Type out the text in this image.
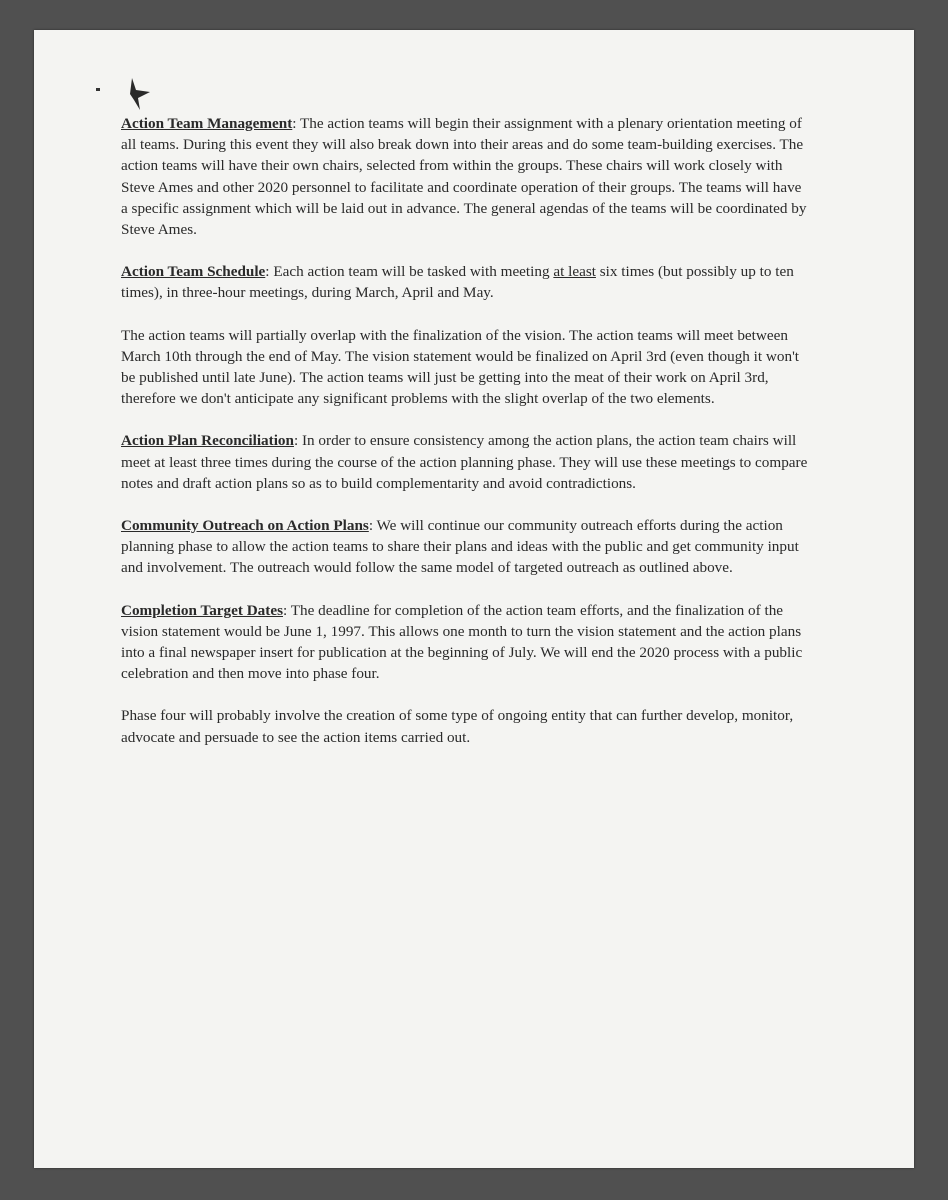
Action Team Management: The action teams will begin their assignment with a plenary orientation meeting of all teams. During this event they will also break down into their areas and do some team-building exercises. The action teams will have their own chairs, selected from within the groups. These chairs will work closely with Steve Ames and other 2020 personnel to facilitate and coordinate operation of their groups. The teams will have a specific assignment which will be laid out in advance. The general agendas of the teams will be coordinated by Steve Ames.

Action Team Schedule: Each action team will be tasked with meeting at least six times (but possibly up to ten times), in three-hour meetings, during March, April and May.

The action teams will partially overlap with the finalization of the vision. The action teams will meet between March 10th through the end of May. The vision statement would be finalized on April 3rd (even though it won't be published until late June). The action teams will just be getting into the meat of their work on April 3rd, therefore we don't anticipate any significant problems with the slight overlap of the two elements.

Action Plan Reconciliation: In order to ensure consistency among the action plans, the action team chairs will meet at least three times during the course of the action planning phase. They will use these meetings to compare notes and draft action plans so as to build complementarity and avoid contradictions.

Community Outreach on Action Plans: We will continue our community outreach efforts during the action planning phase to allow the action teams to share their plans and ideas with the public and get community input and involvement. The outreach would follow the same model of targeted outreach as outlined above.

Completion Target Dates: The deadline for completion of the action team efforts, and the finalization of the vision statement would be June 1, 1997. This allows one month to turn the vision statement and the action plans into a final newspaper insert for publication at the beginning of July. We will end the 2020 process with a public celebration and then move into phase four.

Phase four will probably involve the creation of some type of ongoing entity that can further develop, monitor, advocate and persuade to see the action items carried out.
